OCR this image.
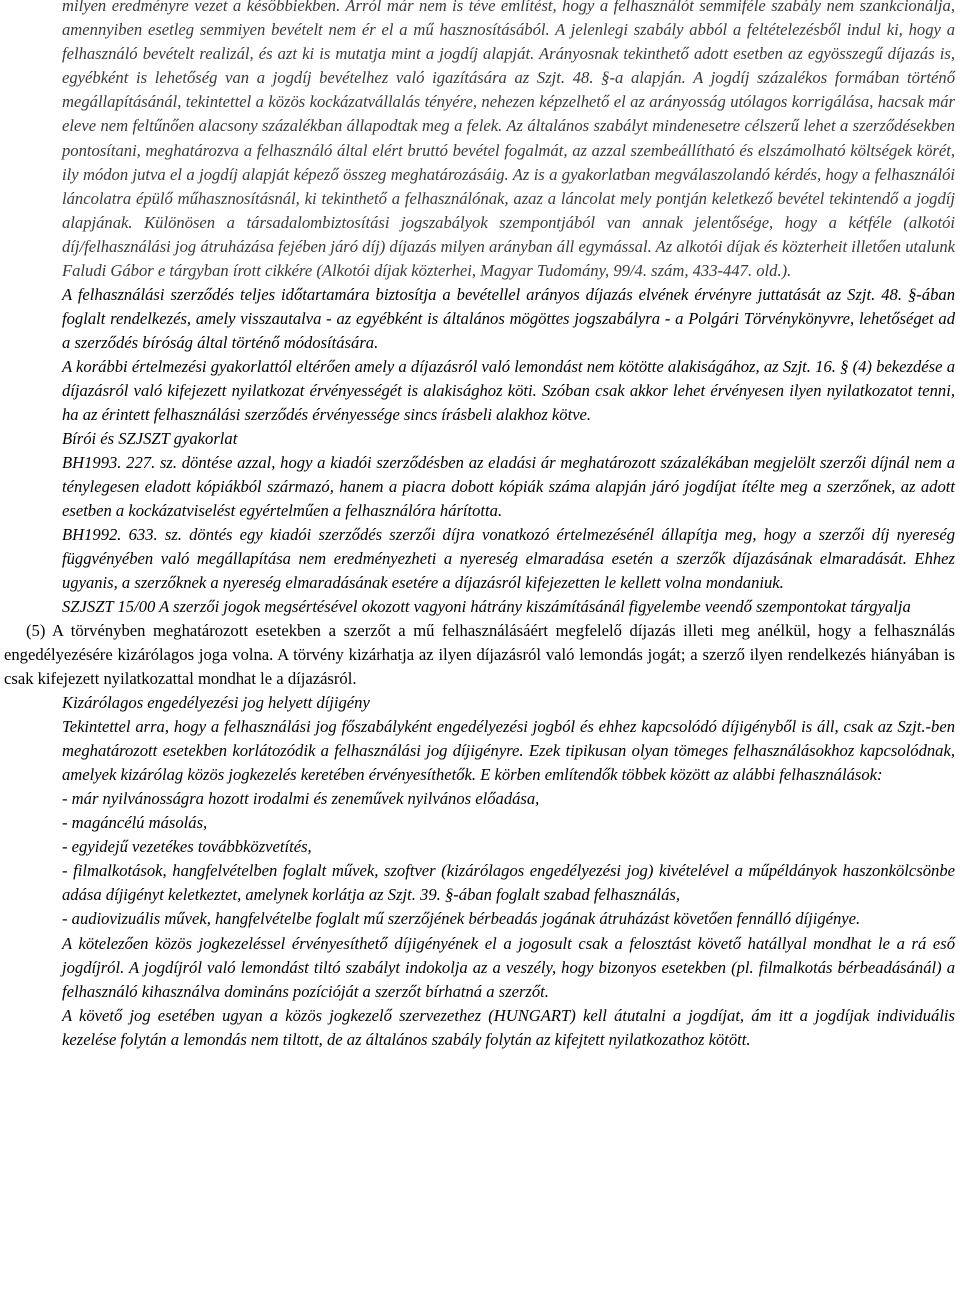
milyen eredményre vezet a későbbiekben. Arról már nem is téve említést, hogy a felhasználót semmiféle szabály nem szankcionálja, amennyiben esetleg semmiyen bevételt nem ér el a mű hasznosításából. A jelenlegi szabály abból a feltételezésből indul ki, hogy a felhasználó bevételt realizál, és azt ki is mutatja mint a jogdíj alapját. Arányosnak tekinthető adott esetben az egyösszegű díjazás is, egyébként is lehetőség van a jogdíj bevételhez való igazítására az Szjt. 48. §-a alapján. A jogdíj százalékos formában történő megállapításánál, tekintettel a közös kockázatvállalás tényére, nehezen képzelhető el az arányosság utólagos korrigálása, hacsak már eleve nem feltűnően alacsony százalékban állapodtak meg a felek. Az általános szabályt mindenesetre célszerű lehet a szerződésekben pontosítani, meghatározva a felhasználó által elért bruttó bevétel fogalmát, az azzal szembeállítható és elszámolható költségek körét, ily módon jutva el a jogdíj alapját képező összeg meghatározásáig. Az is a gyakorlatban megválaszolandó kérdés, hogy a felhasználói láncolatra épülő műhasznosításnál, ki tekinthető a felhasználónak, azaz a láncolat mely pontján keletkező bevétel tekintendő a jogdíj alapjának. Különösen a társadalombiztosítási jogszabályok szempontjából van annak jelentősége, hogy a kétféle (alkotói díj/felhasználási jog átruházása fejében járó díj) díjazás milyen arányban áll egymással. Az alkotói díjak és közterheit illetően utalunk Faludi Gábor e tárgyban írott cikkére (Alkotói díjak közterhei, Magyar Tudomány, 99/4. szám, 433-447. old.).

A felhasználási szerződés teljes időtartamára biztosítja a bevétellel arányos díjazás elvének érvényre juttatását az Szjt. 48. §-ában foglalt rendelkezés, amely visszautalva - az egyébként is általános mögöttes jogszabályra - a Polgári Törvénykönyvre, lehetőséget ad a szerződés bíróság által történő módosítására.

A korábbi értelmezési gyakorlattól eltérően amely a díjazásról való lemondást nem kötötte alakiságához, az Szjt. 16. § (4) bekezdése a díjazásról való kifejezett nyilatkozat érvényességét is alakisághoz köti. Szóban csak akkor lehet érvényesen ilyen nyilatkozatot tenni, ha az érintett felhasználási szerződés érvényessége sincs írásbeli alakhoz kötve.

Bírói és SZJSZT gyakorlat

BH1993. 227. sz. döntése azzal, hogy a kiadói szerződésben az eladási ár meghatározott százalékában megjelölt szerzői díjnál nem a ténylegesen eladott kópiákból származó, hanem a piacra dobott kópiák száma alapján járó jogdíjat ítélte meg a szerzőnek, az adott esetben a kockázatviselést egyértelműen a felhasználóra hárította.

BH1992. 633. sz. döntés egy kiadói szerződés szerzői díjra vonatkozó értelmezésénél állapítja meg, hogy a szerzői díj nyereség függvényében való megállapítása nem eredményezheti a nyereség elmaradása esetén a szerzők díjazásának elmaradását. Ehhez ugyanis, a szerzőknek a nyereség elmaradásának esetére a díjazásról kifejezetten le kellett volna mondaniuk.

SZJSZT 15/00 A szerzői jogok megsértésével okozott vagyoni hátrány kiszámításánál figyelembe veendő szempontokat tárgyalja

(5) A törvényben meghatározott esetekben a szerzőt a mű felhasználásáért megfelelő díjazás illeti meg anélkül, hogy a felhasználás engedélyezésére kizárólagos joga volna. A törvény kizárhatja az ilyen díjazásról való lemondás jogát; a szerző ilyen rendelkezés hiányában is csak kifejezett nyilatkozattal mondhat le a díjazásról.

Kizárólagos engedélyezési jog helyett díjigény

Tekintettel arra, hogy a felhasználási jog főszabályként engedélyezési jogból és ehhez kapcsolódó díjigényből is áll, csak az Szjt.-ben meghatározott esetekben korlátozódik a felhasználási jog díjigényre. Ezek tipikusan olyan tömeges felhasználásokhoz kapcsolódnak, amelyek kizárólag közös jogkezelés keretében érvényesíthetők. E körben említendők többek között az alábbi felhasználások:

- már nyilvánosságra hozott irodalmi és zeneművek nyilvános előadása,
- magáncélú másolás,
- egyidejű vezetékes továbbközvetítés,
- filmalkotások, hangfelvételben foglalt művek, szoftver (kizárólagos engedélyezési jog) kivételével a műpéldányok haszonkölcsönbe adása díjigényt keletkeztet, amelynek korlátja az Szjt. 39. §-ában foglalt szabad felhasználás,
- audiovizuális művek, hangfelvételbe foglalt mű szerzőjének bérbeadás jogának átruházást követően fennálló díjigénye.

A kötelezően közös jogkezeléssel érvényesíthető díjigényének el a jogosult csak a felosztást követő hatállyal mondhat le a rá eső jogdíjról. A jogdíjról való lemondást tiltó szabályt indokolja az a veszély, hogy bizonyos esetekben (pl. filmalkotás bérbeadásánál) a felhasználó kihasználva domináns pozícióját a szerzőt bírhatná a szerzőt.

A követő jog esetében ugyan a közös jogkezelő szervezethez (HUNGART) kell átutalni a jogdíjat, ám itt a jogdíjak individuális kezelése folytán a lemondás nem tiltott, de az általános szabály folytán az kifejtett nyilatkozathoz kötött.
